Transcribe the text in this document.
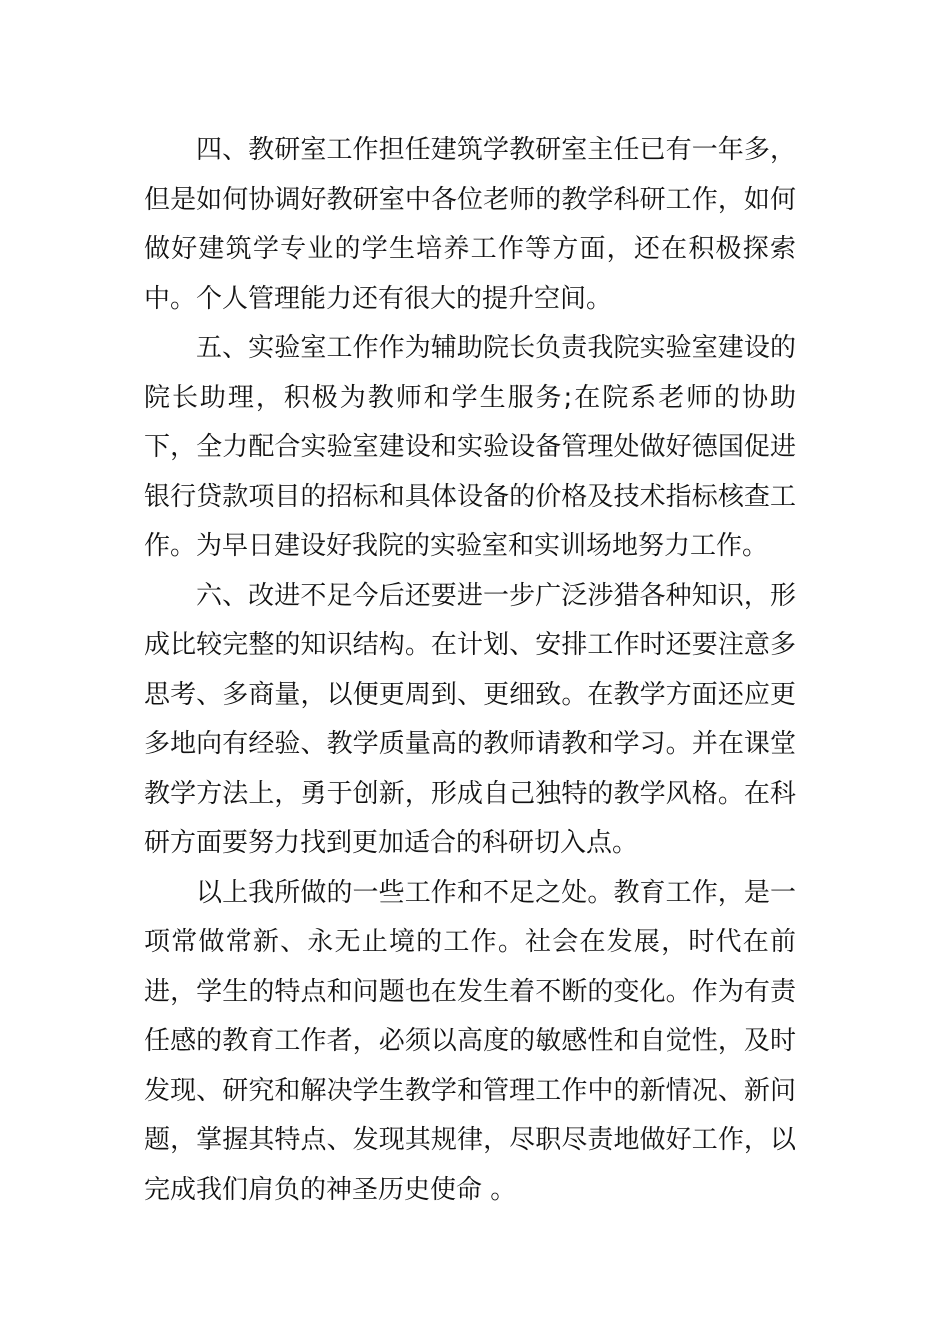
四、教研室工作担任建筑学教研室主任已有一年多，但是如何协调好教研室中各位老师的教学科研工作，如何做好建筑学专业的学生培养工作等方面，还在积极探索中。个人管理能力还有很大的提升空间。

五、实验室工作作为辅助院长负责我院实验室建设的院长助理，积极为教师和学生服务;在院系老师的协助下，全力配合实验室建设和实验设备管理处做好德国促进银行贷款项目的招标和具体设备的价格及技术指标核查工作。为早日建设好我院的实验室和实训场地努力工作。

六、改进不足今后还要进一步广泛涉猎各种知识，形成比较完整的知识结构。在计划、安排工作时还要注意多思考、多商量，以便更周到、更细致。在教学方面还应更多地向有经验、教学质量高的教师请教和学习。并在课堂教学方法上，勇于创新，形成自己独特的教学风格。在科研方面要努力找到更加适合的科研切入点。

以上我所做的一些工作和不足之处。教育工作，是一项常做常新、永无止境的工作。社会在发展，时代在前进，学生的特点和问题也在发生着不断的变化。作为有责任感的教育工作者，必须以高度的敏感性和自觉性，及时发现、研究和解决学生教学和管理工作中的新情况、新问题，掌握其特点、发现其规律，尽职尽责地做好工作，以完成我们肩负的神圣历史使命 。
